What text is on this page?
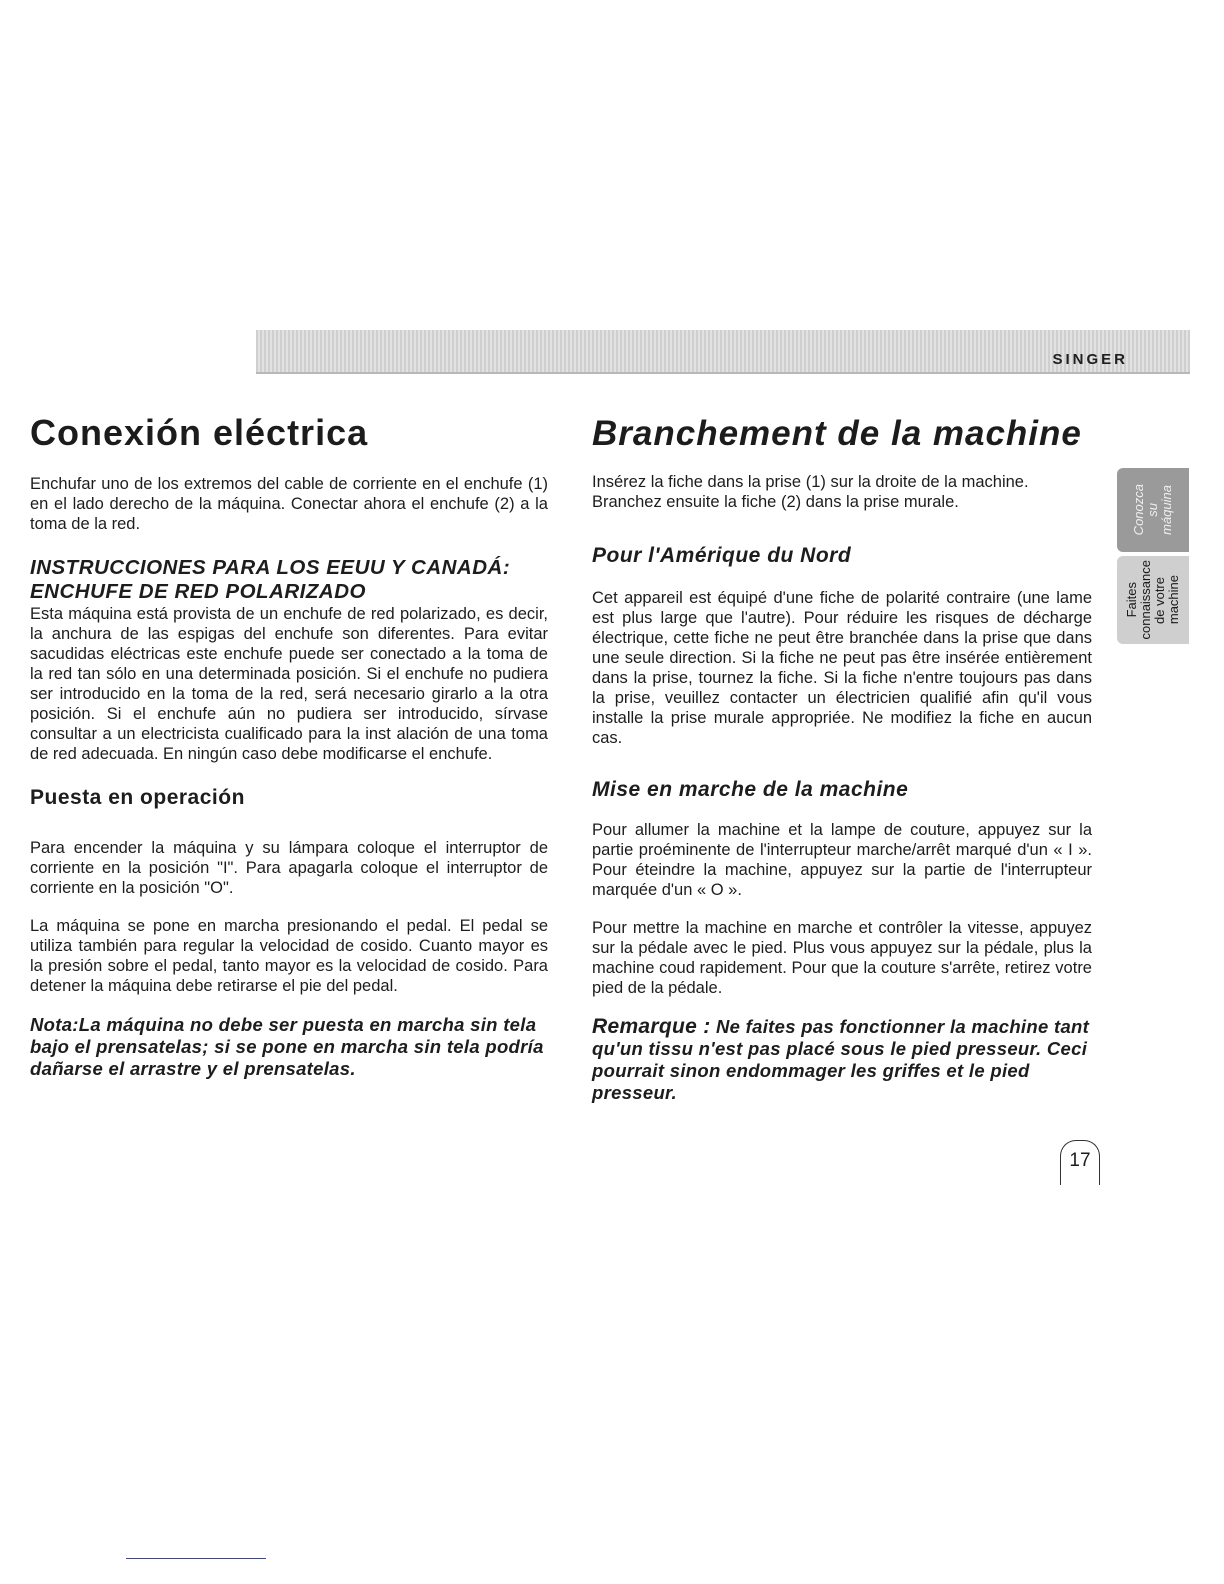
SINGER
Conozca su máquina
Faites connaissance de votre machine
Conexión eléctrica

Enchufar uno de los extremos del cable de corriente en el enchufe (1) en el lado derecho de la máquina. Conectar ahora el enchufe (2) a la toma de la red.

INSTRUCCIONES PARA LOS EEUU Y CANADÁ:
ENCHUFE DE RED POLARIZADO

Esta máquina está provista de un enchufe de red polarizado, es decir, la anchura de las espigas del enchufe son diferentes. Para evitar sacudidas eléctricas este enchufe puede ser conectado a la toma de la red tan sólo en una determinada posición. Si el enchufe no pudiera ser introducido en la toma de la red, será necesario girarlo a la otra posición. Si el enchufe aún no pudiera ser introducido, sírvase consultar a un electricista cualificado para la inst alación de una toma de red adecuada. En ningún caso debe modificarse el enchufe.

Puesta en operación

Para encender la máquina y su lámpara coloque el interruptor de corriente en la posición "I". Para apagarla coloque el interruptor de corriente en la posición "O".

La máquina se pone en marcha presionando el pedal. El pedal se utiliza también para regular la velocidad de cosido. Cuanto mayor es la presión sobre el pedal, tanto mayor es la velocidad de cosido. Para detener la máquina debe retirarse el pie del pedal.

Nota:La máquina no debe ser puesta en marcha sin tela bajo el prensatelas; si se pone en marcha sin tela podría dañarse el arrastre y el prensatelas.

Branchement de la machine

Insérez la fiche dans la prise (1) sur la droite de la machine. Branchez ensuite la fiche (2) dans la prise murale.

Pour l'Amérique du Nord

Cet appareil est équipé d'une fiche de polarité contraire (une lame est plus large que l'autre). Pour réduire les risques de décharge électrique, cette fiche ne peut être branchée dans la prise que dans une seule direction. Si la fiche ne peut pas être insérée entièrement dans la prise, tournez la fiche. Si la fiche n'entre toujours pas dans la prise, veuillez contacter un électricien qualifié afin qu'il vous installe la prise murale appropriée. Ne modifiez la fiche en aucun cas.

Mise en marche de la machine

Pour allumer la machine et la lampe de couture, appuyez sur la partie proéminente de l'interrupteur marche/arrêt marqué d'un « I ». Pour éteindre la machine, appuyez sur la partie de l'interrupteur marquée d'un « O ».

Pour mettre la machine en marche et contrôler la vitesse, appuyez sur la pédale avec le pied. Plus vous appuyez sur la pédale, plus la machine coud rapidement. Pour que la couture s'arrête, retirez votre pied de la pédale.

Remarque : Ne faites pas fonctionner la machine tant qu'un tissu n'est pas placé sous le pied presseur. Ceci pourrait sinon endommager les griffes et le pied presseur.

17
